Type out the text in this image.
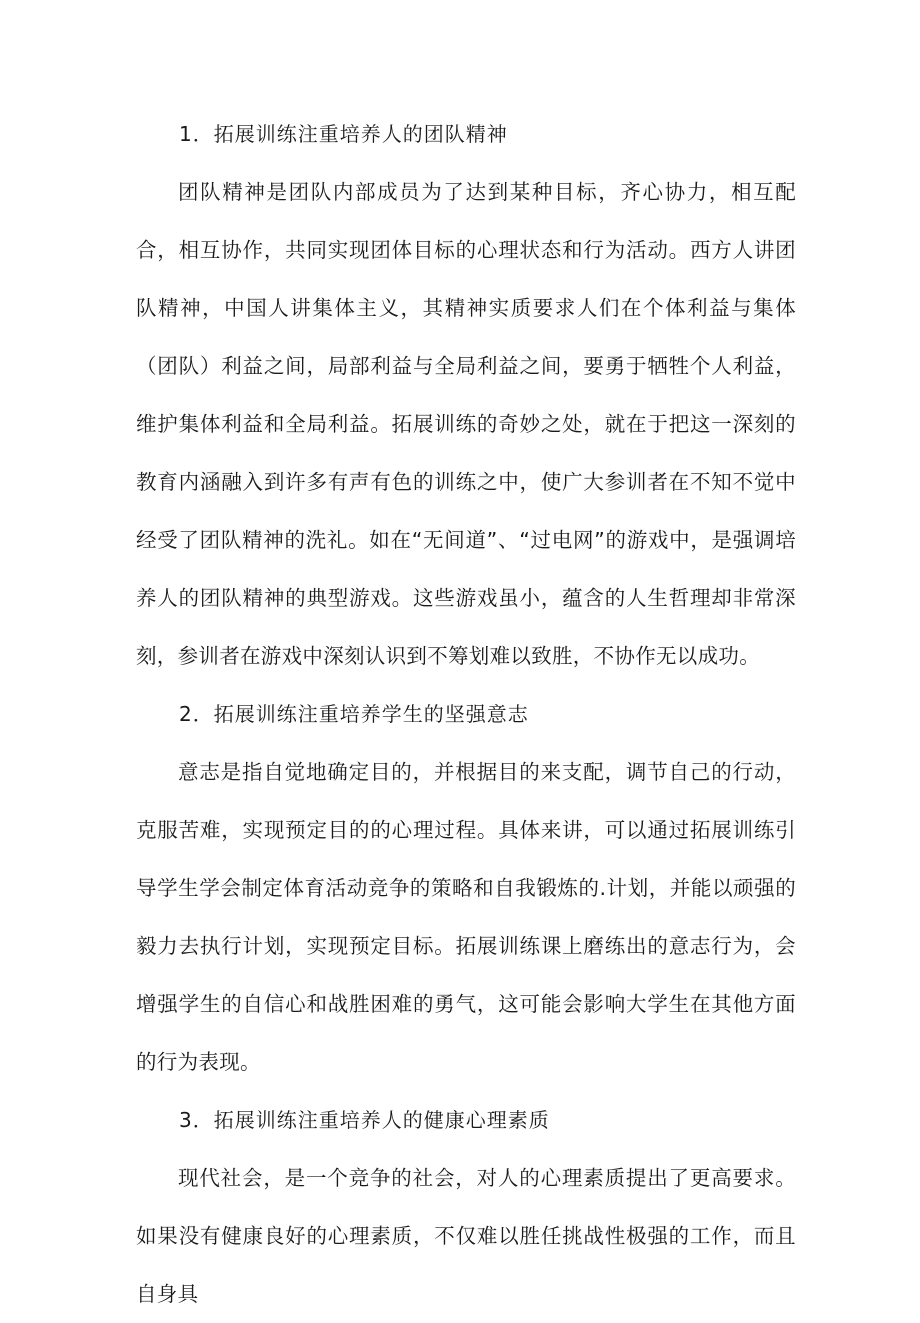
1．拓展训练注重培养人的团队精神

团队精神是团队内部成员为了达到某种目标，齐心协力，相互配合，相互协作，共同实现团体目标的心理状态和行为活动。西方人讲团队精神，中国人讲集体主义，其精神实质要求人们在个体利益与集体（团队）利益之间，局部利益与全局利益之间，要勇于牺牲个人利益，维护集体利益和全局利益。拓展训练的奇妙之处，就在于把这一深刻的教育内涵融入到许多有声有色的训练之中，使广大参训者在不知不觉中经受了团队精神的洗礼。如在“无间道”、“过电网”的游戏中，是强调培养人的团队精神的典型游戏。这些游戏虽小，蕴含的人生哲理却非常深刻，参训者在游戏中深刻认识到不筹划难以致胜，不协作无以成功。

2．拓展训练注重培养学生的坚强意志

意志是指自觉地确定目的，并根据目的来支配，调节自己的行动，克服苦难，实现预定目的的心理过程。具体来讲，可以通过拓展训练引导学生学会制定体育活动竞争的策略和自我锻炼的.计划，并能以顽强的毅力去执行计划，实现预定目标。拓展训练课上磨练出的意志行为，会增强学生的自信心和战胜困难的勇气，这可能会影响大学生在其他方面的行为表现。

3．拓展训练注重培养人的健康心理素质

现代社会，是一个竞争的社会，对人的心理素质提出了更高要求。如果没有健康良好的心理素质，不仅难以胜任挑战性极强的工作，而且自身具
